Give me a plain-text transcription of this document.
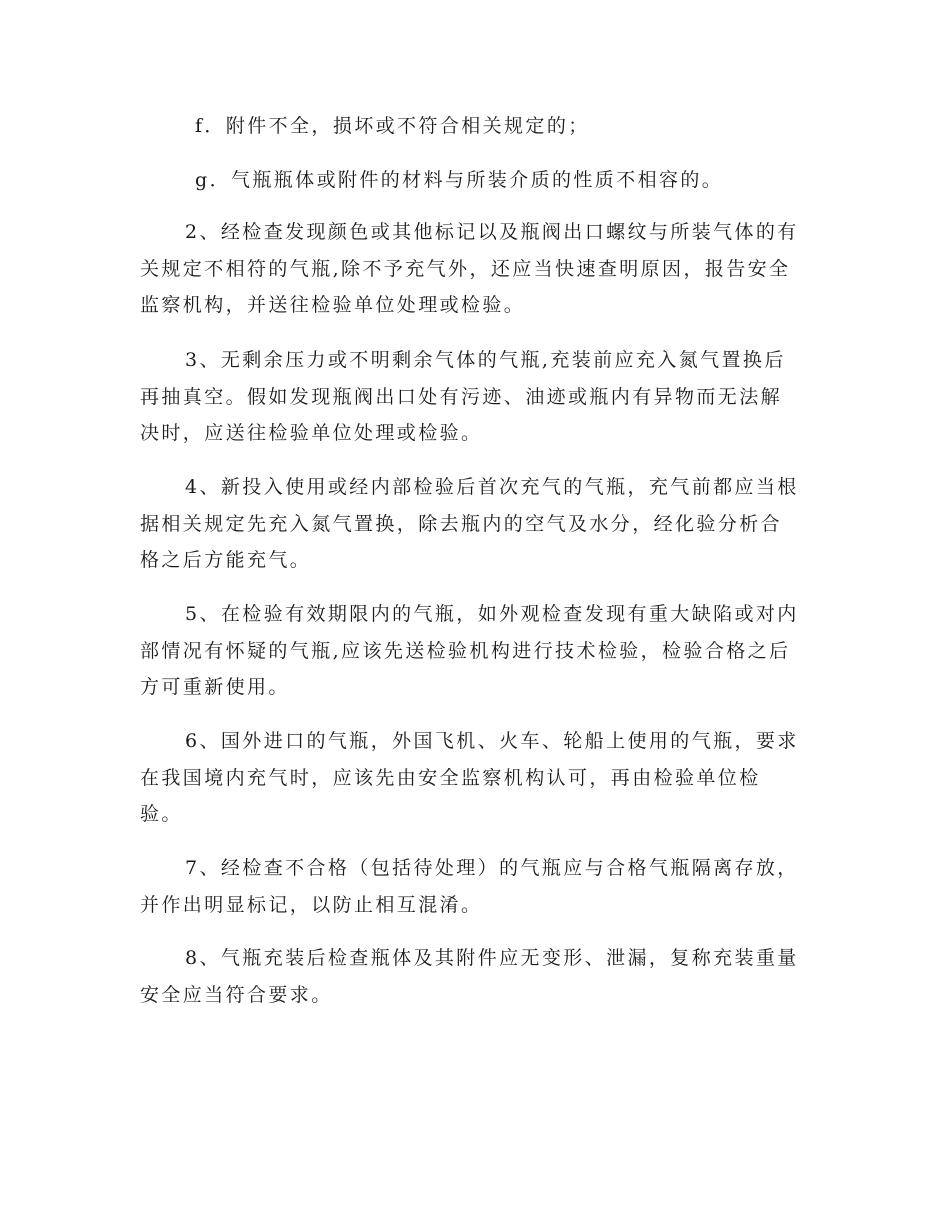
f．附件不全，损坏或不符合相关规定的；

g．气瓶瓶体或附件的材料与所装介质的性质不相容的。

2、经检查发现颜色或其他标记以及瓶阀出口螺纹与所装气体的有
关规定不相符的气瓶,除不予充气外，还应当快速查明原因，报告安全
监察机构，并送往检验单位处理或检验。

3、无剩余压力或不明剩余气体的气瓶,充装前应充入氮气置换后
再抽真空。假如发现瓶阀出口处有污迹、油迹或瓶内有异物而无法解
决时，应送往检验单位处理或检验。

4、新投入使用或经内部检验后首次充气的气瓶，充气前都应当根
据相关规定先充入氮气置换，除去瓶内的空气及水分，经化验分析合
格之后方能充气。

5、在检验有效期限内的气瓶，如外观检查发现有重大缺陷或对内
部情况有怀疑的气瓶,应该先送检验机构进行技术检验，检验合格之后
方可重新使用。

6、国外进口的气瓶，外国飞机、火车、轮船上使用的气瓶，要求
在我国境内充气时，应该先由安全监察机构认可，再由检验单位检
验。

7、经检查不合格（包括待处理）的气瓶应与合格气瓶隔离存放，
并作出明显标记，以防止相互混淆。

8、气瓶充装后检查瓶体及其附件应无变形、泄漏，复称充装重量
安全应当符合要求。
